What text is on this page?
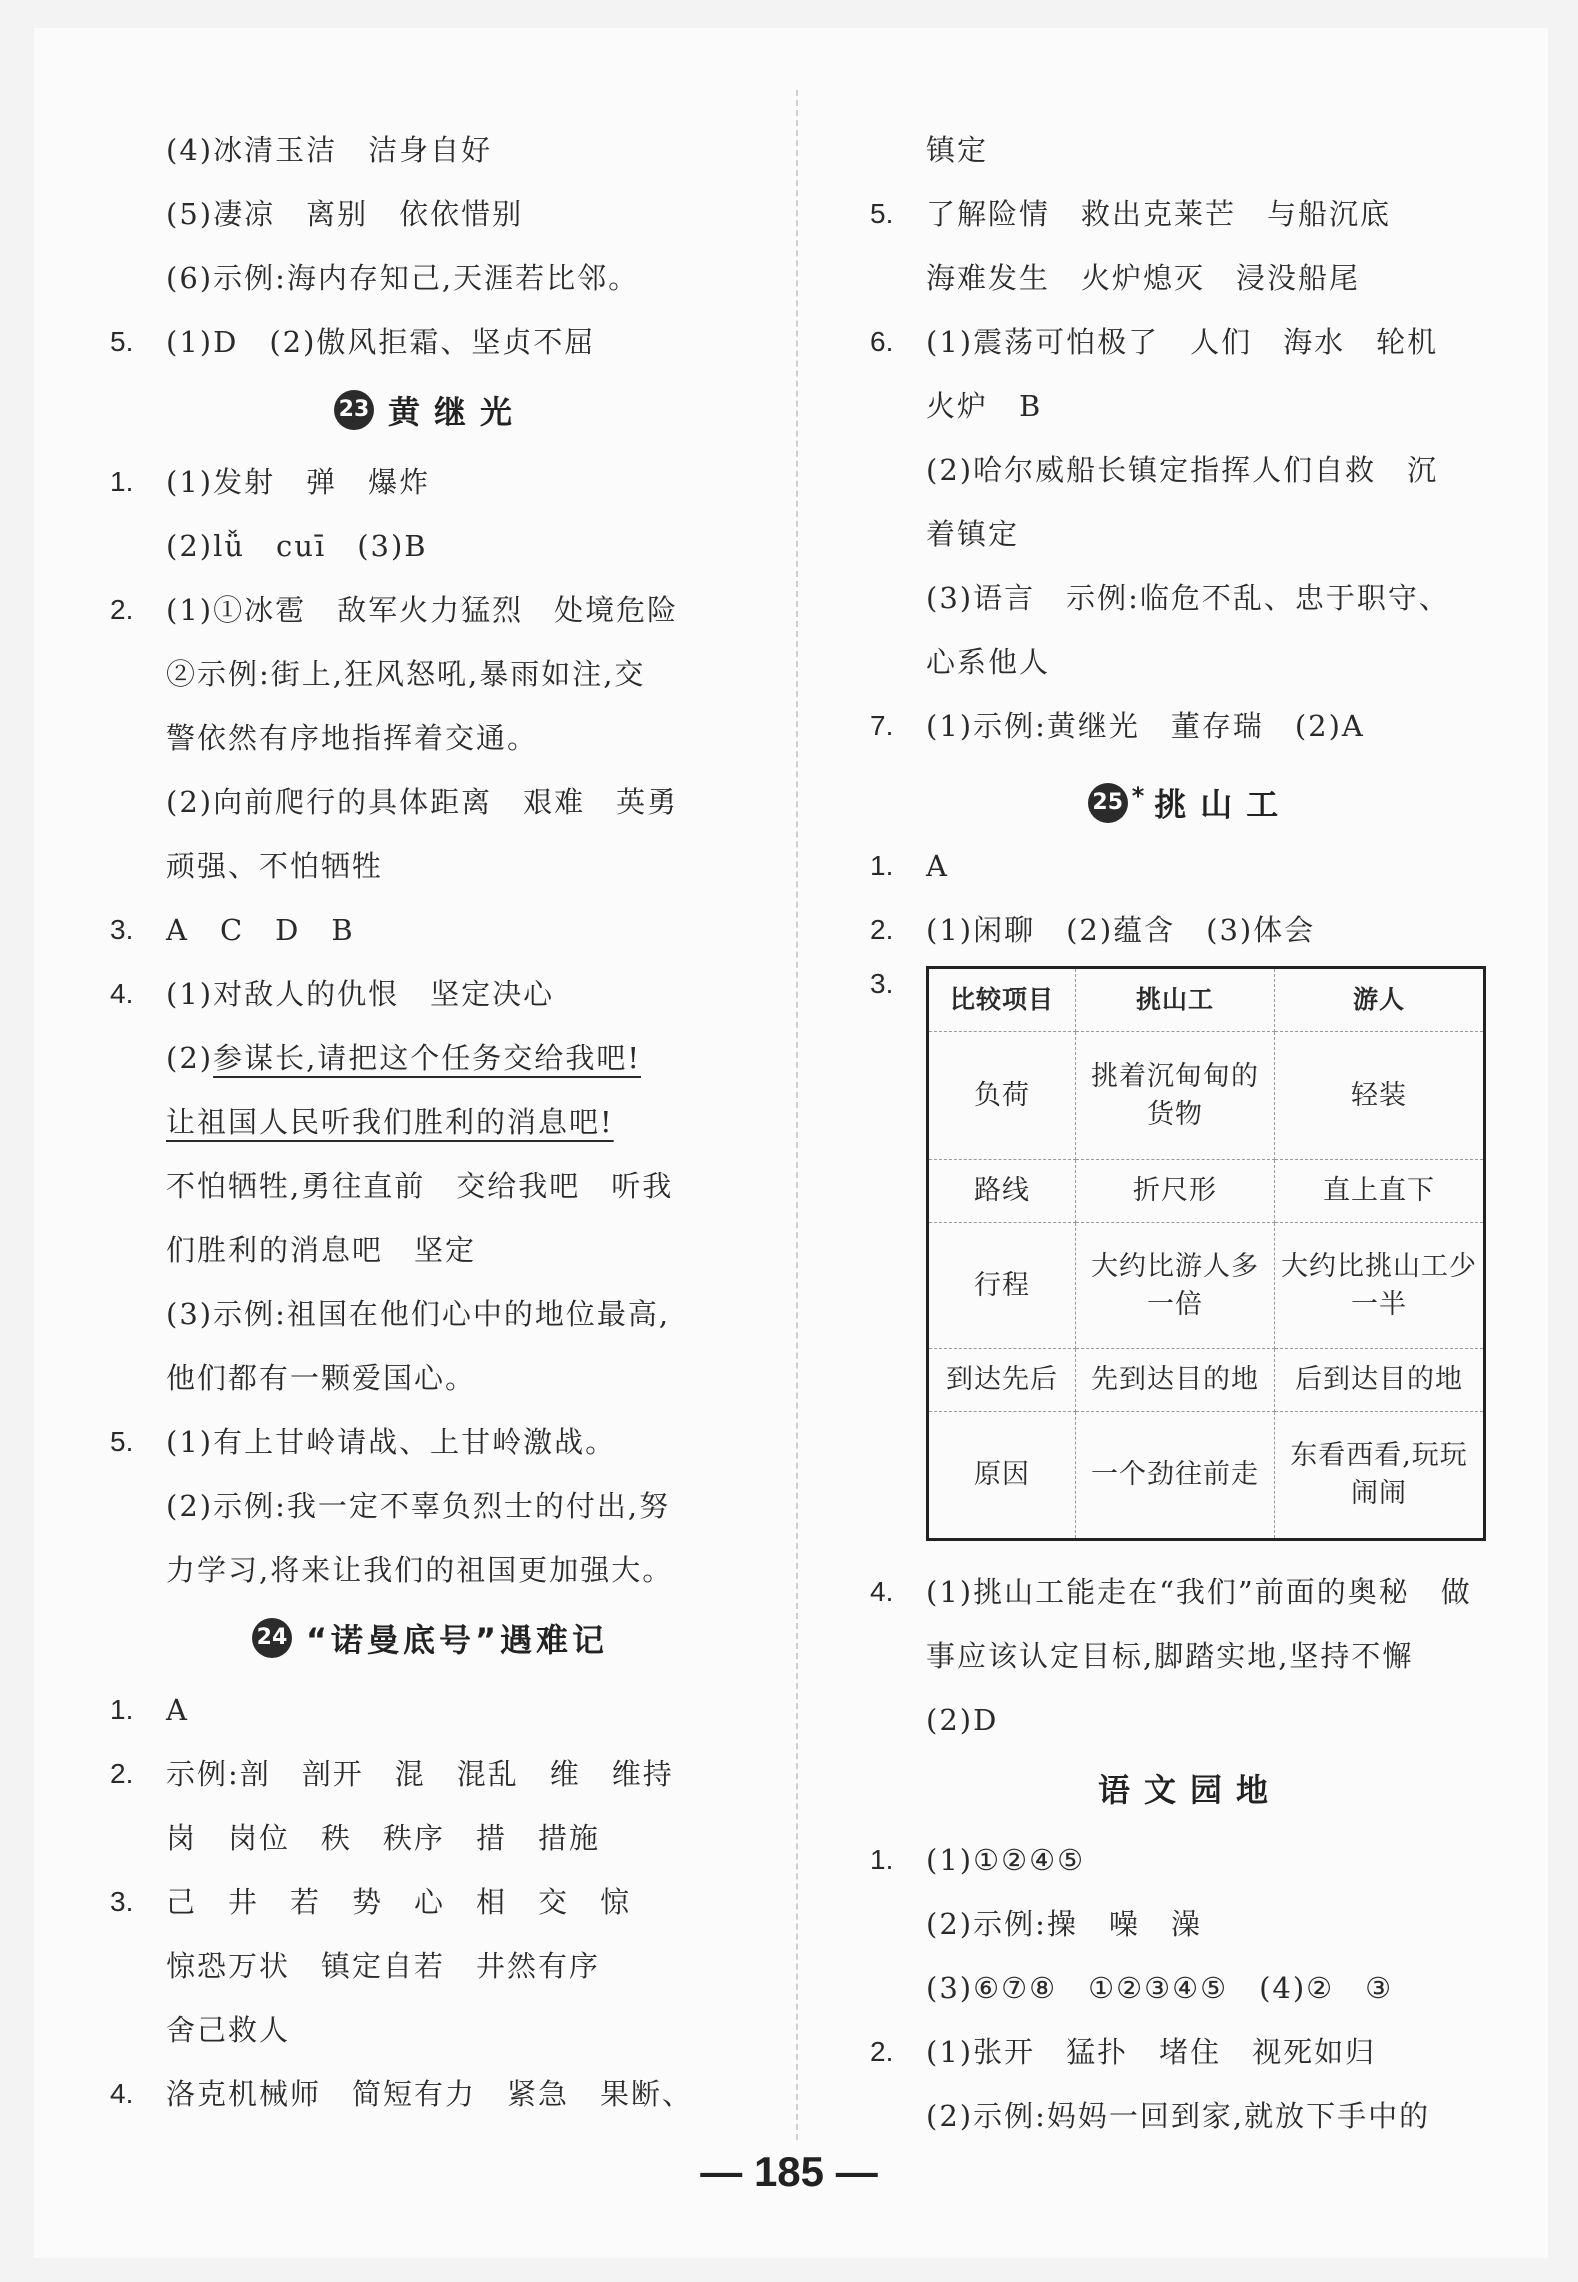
(4)冰清玉洁　洁身自好
(5)凄凉　离别　依依惜别
(6)示例:海内存知己,天涯若比邻。
5.	(1)D　(2)傲风拒霜、坚贞不屈
23 黄继光
1.	(1)发射　弹　爆炸
(2)lǚ　cuī　(3)B
2.	(1)①冰雹　敌军火力猛烈　处境危险
②示例:街上,狂风怒吼,暴雨如注,交
警依然有序地指挥着交通。
(2)向前爬行的具体距离　艰难　英勇
顽强、不怕牺牲
3.	A　C　D　B
4.	(1)对敌人的仇恨　坚定决心
(2)参谋长,请把这个任务交给我吧!
让祖国人民听我们胜利的消息吧!
不怕牺牲,勇往直前　交给我吧　听我
们胜利的消息吧　坚定
(3)示例:祖国在他们心中的地位最高,
他们都有一颗爱国心。
5.	(1)有上甘岭请战、上甘岭激战。
(2)示例:我一定不辜负烈士的付出,努
力学习,将来让我们的祖国更加强大。
24 “诺曼底号”遇难记
1.	A
2.	示例:剖　剖开　混　混乱　维　维持
岗　岗位　秩　秩序　措　措施
3.	己　井　若　势　心　相　交　惊
惊恐万状　镇定自若　井然有序
舍己救人
4.	洛克机械师　简短有力　紧急　果断、
镇定
5.	了解险情　救出克莱芒　与船沉底
海难发生　火炉熄灭　浸没船尾
6.	(1)震荡可怕极了　人们　海水　轮机
火炉　B
(2)哈尔威船长镇定指挥人们自救　沉
着镇定
(3)语言　示例:临危不乱、忠于职守、
心系他人
7.	(1)示例:黄继光　董存瑞　(2)A
25 * 挑山工
1.	A
2.	(1)闲聊　(2)蕴含　(3)体会
3.
比较项目	挑山工	游人
负荷	挑着沉甸甸的货物	轻装
路线	折尺形	直上直下
行程	大约比游人多一倍	大约比挑山工少一半
到达先后	先到达目的地	后到达目的地
原因	一个劲往前走	东看西看,玩玩闹闹
4.	(1)挑山工能走在“我们”前面的奥秘　做
事应该认定目标,脚踏实地,坚持不懈
(2)D
语文园地
1.	(1)①②④⑤
(2)示例:操　噪　澡
(3)⑥⑦⑧　①②③④⑤　(4)②　③
2.	(1)张开　猛扑　堵住　视死如归
(2)示例:妈妈一回到家,就放下手中的
— 185 —
